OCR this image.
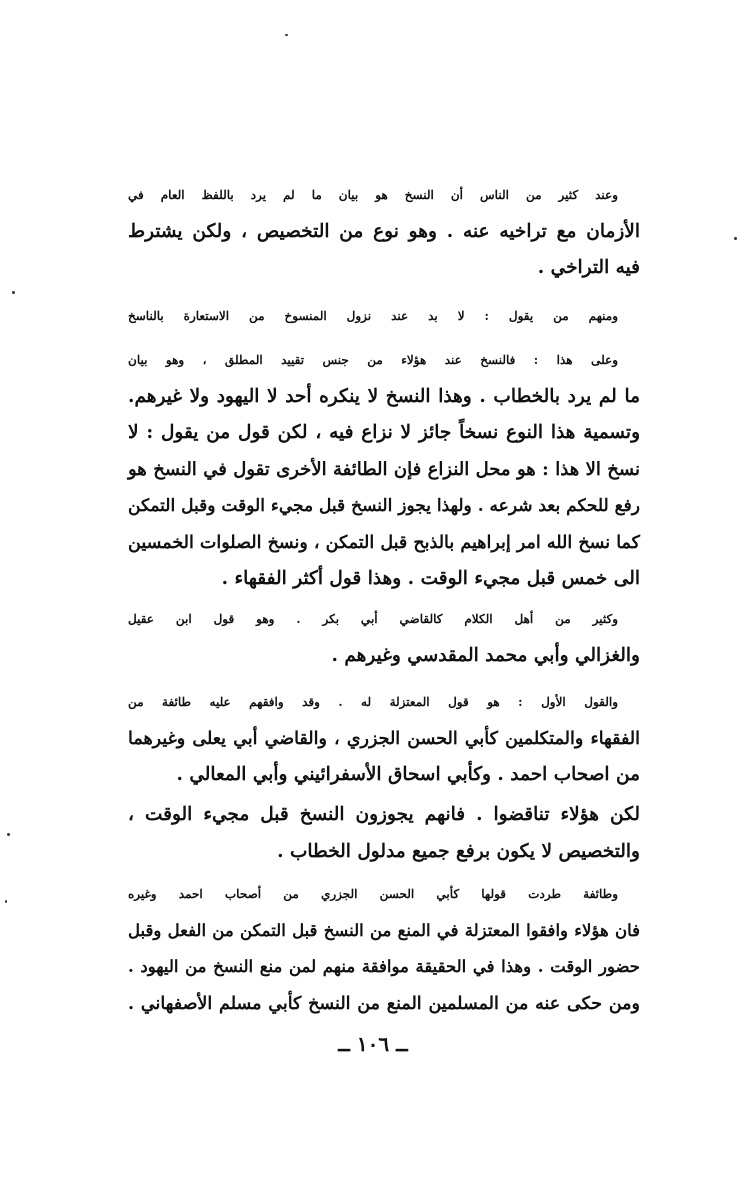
وعند كثير من الناس أن النسخ هو بيان ما لم يرد باللفظ العام في
الأزمان مع تراخيه عنه . وهو نوع من التخصيص ، ولكن يشترط
فيه التراخي .
ومنهم من يقول : لا بد عند نزول المنسوخ من الاستعارة بالناسخ
وعلى هذا : فالنسخ عند هؤلاء من جنس تقييد المطلق ، وهو بيان
ما لم يرد بالخطاب . وهذا النسخ لا ينكره أحد لا اليهود ولا غيرهم.
وتسمية هذا النوع نسخاً جائز لا نزاع فيه ، لكن قول من يقول : لا
نسخ الا هذا : هو محل النزاع فإن الطائفة الأخرى تقول في النسخ هو
رفع للحكم بعد شرعه . ولهذا يجوز النسخ قبل مجيء الوقت وقبل التمكن
كما نسخ الله امر إبراهيم بالذبح قبل التمكن ، ونسخ الصلوات الخمسين
الى خمس قبل مجيء الوقت . وهذا قول أكثر الفقهاء .
وكثير من أهل الكلام كالقاضي أبي بكر . وهو قول ابن عقيل
والغزالي وأبي محمد المقدسي وغيرهم .
والقول الأول : هو قول المعتزلة له . وقد وافقهم عليه طائفة من
الفقهاء والمتكلمين كأبي الحسن الجزري ، والقاضي أبي يعلى وغيرهما
من اصحاب احمد . وكأبي اسحاق الأسفرائيني وأبي المعالي .
لكن هؤلاء تناقضوا . فانهم يجوزون النسخ قبل مجيء الوقت ،
والتخصيص لا يكون برفع جميع مدلول الخطاب .
وطائفة طردت قولها كأبي الحسن الجزري من أصحاب احمد وغيره
فان هؤلاء وافقوا المعتزلة في المنع من النسخ قبل التمكن من الفعل وقبل
حضور الوقت . وهذا في الحقيقة موافقة منهم لمن منع النسخ من اليهود .
ومن حكى عنه من المسلمين المنع من النسخ كأبي مسلم الأصفهاني .
ــ ١٠٦ ــ
